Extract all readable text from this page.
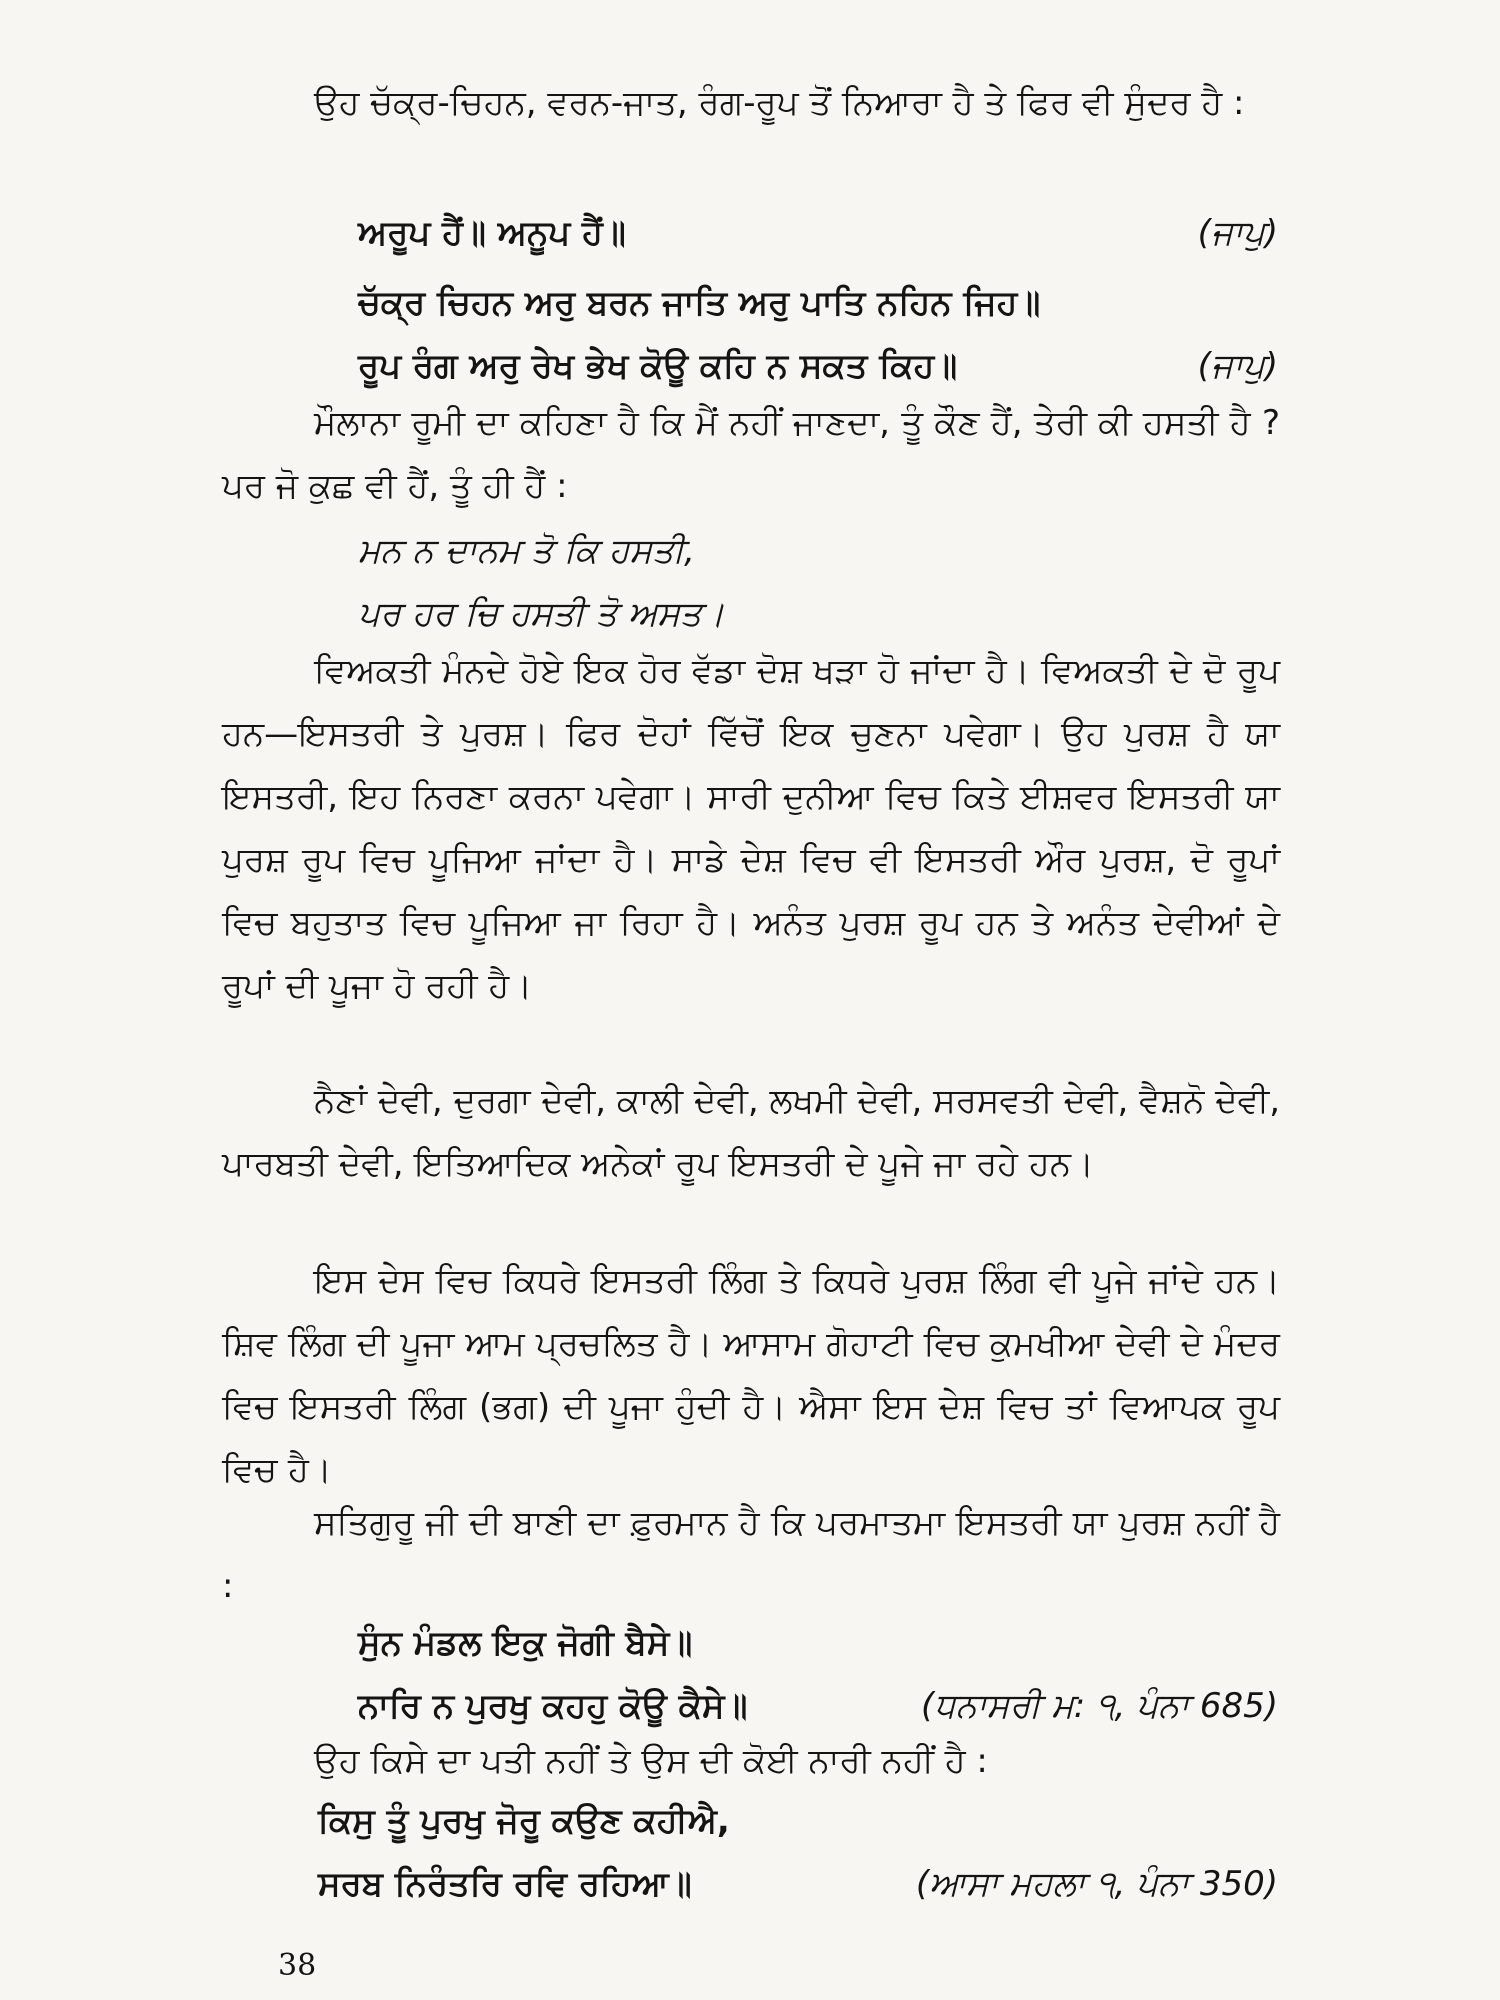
ਉਹ ਚੱਕ੍ਰ-ਚਿਹਨ, ਵਰਨ-ਜਾਤ, ਰੰਗ-ਰੂਪ ਤੋਂ ਨਿਆਰਾ ਹੈ ਤੇ ਫਿਰ ਵੀ ਸੁੰਦਰ ਹੈ :

ਅਰੂਪ ਹੈਂ॥ ਅਨੂਪ ਹੈਂ॥	(ਜਾਪੁ)
ਚੱਕ੍ਰ ਚਿਹਨ ਅਰੁ ਬਰਨ ਜਾਤਿ ਅਰੁ ਪਾਤਿ ਨਹਿਨ ਜਿਹ॥
ਰੂਪ ਰੰਗ ਅਰੁ ਰੇਖ ਭੇਖ ਕੋਊ ਕਹਿ ਨ ਸਕਤ ਕਿਹ॥	(ਜਾਪੁ)

ਮੌਲਾਨਾ ਰੂਮੀ ਦਾ ਕਹਿਣਾ ਹੈ ਕਿ ਮੈਂ ਨਹੀਂ ਜਾਣਦਾ, ਤੂੰ ਕੌਣ ਹੈਂ, ਤੇਰੀ ਕੀ ਹਸਤੀ ਹੈ ? ਪਰ ਜੋ ਕੁਛ ਵੀ ਹੈਂ, ਤੂੰ ਹੀ ਹੈਂ :

ਮਨ ਨ ਦਾਨਮ ਤੋ ਕਿ ਹਸਤੀ,
ਪਰ ਹਰ ਚਿ ਹਸਤੀ ਤੋ ਅਸਤ।

ਵਿਅਕਤੀ ਮੰਨਦੇ ਹੋਏ ਇਕ ਹੋਰ ਵੱਡਾ ਦੋਸ਼ ਖੜਾ ਹੋ ਜਾਂਦਾ ਹੈ। ਵਿਅਕਤੀ ਦੇ ਦੋ ਰੂਪ ਹਨ—ਇਸਤਰੀ ਤੇ ਪੁਰਸ਼। ਫਿਰ ਦੋਹਾਂ ਵਿੱਚੋਂ ਇਕ ਚੁਣਨਾ ਪਵੇਗਾ। ਉਹ ਪੁਰਸ਼ ਹੈ ਯਾ ਇਸਤਰੀ, ਇਹ ਨਿਰਣਾ ਕਰਨਾ ਪਵੇਗਾ। ਸਾਰੀ ਦੁਨੀਆ ਵਿਚ ਕਿਤੇ ਈਸ਼ਵਰ ਇਸਤਰੀ ਯਾ ਪੁਰਸ਼ ਰੂਪ ਵਿਚ ਪੂਜਿਆ ਜਾਂਦਾ ਹੈ। ਸਾਡੇ ਦੇਸ਼ ਵਿਚ ਵੀ ਇਸਤਰੀ ਔਰ ਪੁਰਸ਼, ਦੋ ਰੂਪਾਂ ਵਿਚ ਬਹੁਤਾਤ ਵਿਚ ਪੂਜਿਆ ਜਾ ਰਿਹਾ ਹੈ। ਅਨੰਤ ਪੁਰਸ਼ ਰੂਪ ਹਨ ਤੇ ਅਨੰਤ ਦੇਵੀਆਂ ਦੇ ਰੂਪਾਂ ਦੀ ਪੂਜਾ ਹੋ ਰਹੀ ਹੈ।

ਨੈਣਾਂ ਦੇਵੀ, ਦੁਰਗਾ ਦੇਵੀ, ਕਾਲੀ ਦੇਵੀ, ਲਖਮੀ ਦੇਵੀ, ਸਰਸਵਤੀ ਦੇਵੀ, ਵੈਸ਼ਨੋ ਦੇਵੀ, ਪਾਰਬਤੀ ਦੇਵੀ, ਇਤਿਆਦਿਕ ਅਨੇਕਾਂ ਰੂਪ ਇਸਤਰੀ ਦੇ ਪੂਜੇ ਜਾ ਰਹੇ ਹਨ।

ਇਸ ਦੇਸ ਵਿਚ ਕਿਧਰੇ ਇਸਤਰੀ ਲਿੰਗ ਤੇ ਕਿਧਰੇ ਪੁਰਸ਼ ਲਿੰਗ ਵੀ ਪੂਜੇ ਜਾਂਦੇ ਹਨ। ਸ਼ਿਵ ਲਿੰਗ ਦੀ ਪੂਜਾ ਆਮ ਪ੍ਰਚਲਿਤ ਹੈ। ਆਸਾਮ ਗੋਹਾਟੀ ਵਿਚ ਕੁਮਖੀਆ ਦੇਵੀ ਦੇ ਮੰਦਰ ਵਿਚ ਇਸਤਰੀ ਲਿੰਗ (ਭਗ) ਦੀ ਪੂਜਾ ਹੁੰਦੀ ਹੈ। ਐਸਾ ਇਸ ਦੇਸ਼ ਵਿਚ ਤਾਂ ਵਿਆਪਕ ਰੂਪ ਵਿਚ ਹੈ।

ਸਤਿਗੁਰੂ ਜੀ ਦੀ ਬਾਣੀ ਦਾ ਫ਼ੁਰਮਾਨ ਹੈ ਕਿ ਪਰਮਾਤਮਾ ਇਸਤਰੀ ਯਾ ਪੁਰਸ਼ ਨਹੀਂ ਹੈ :

ਸੁੰਨ ਮੰਡਲ ਇਕੁ ਜੋਗੀ ਬੈਸੇ॥
ਨਾਰਿ ਨ ਪੁਰਖੁ ਕਹਹੁ ਕੋਊ ਕੈਸੇ॥	(ਧਨਾਸਰੀ ਮ: ੧, ਪੰਨਾ 685)

ਉਹ ਕਿਸੇ ਦਾ ਪਤੀ ਨਹੀਂ ਤੇ ਉਸ ਦੀ ਕੋਈ ਨਾਰੀ ਨਹੀਂ ਹੈ :

ਕਿਸੁ ਤੂੰ ਪੁਰਖੁ ਜੋਰੂ ਕਉਣ ਕਹੀਐ,
ਸਰਬ ਨਿਰੰਤਰਿ ਰਵਿ ਰਹਿਆ॥	(ਆਸਾ ਮਹਲਾ ੧, ਪੰਨਾ 350)
38
